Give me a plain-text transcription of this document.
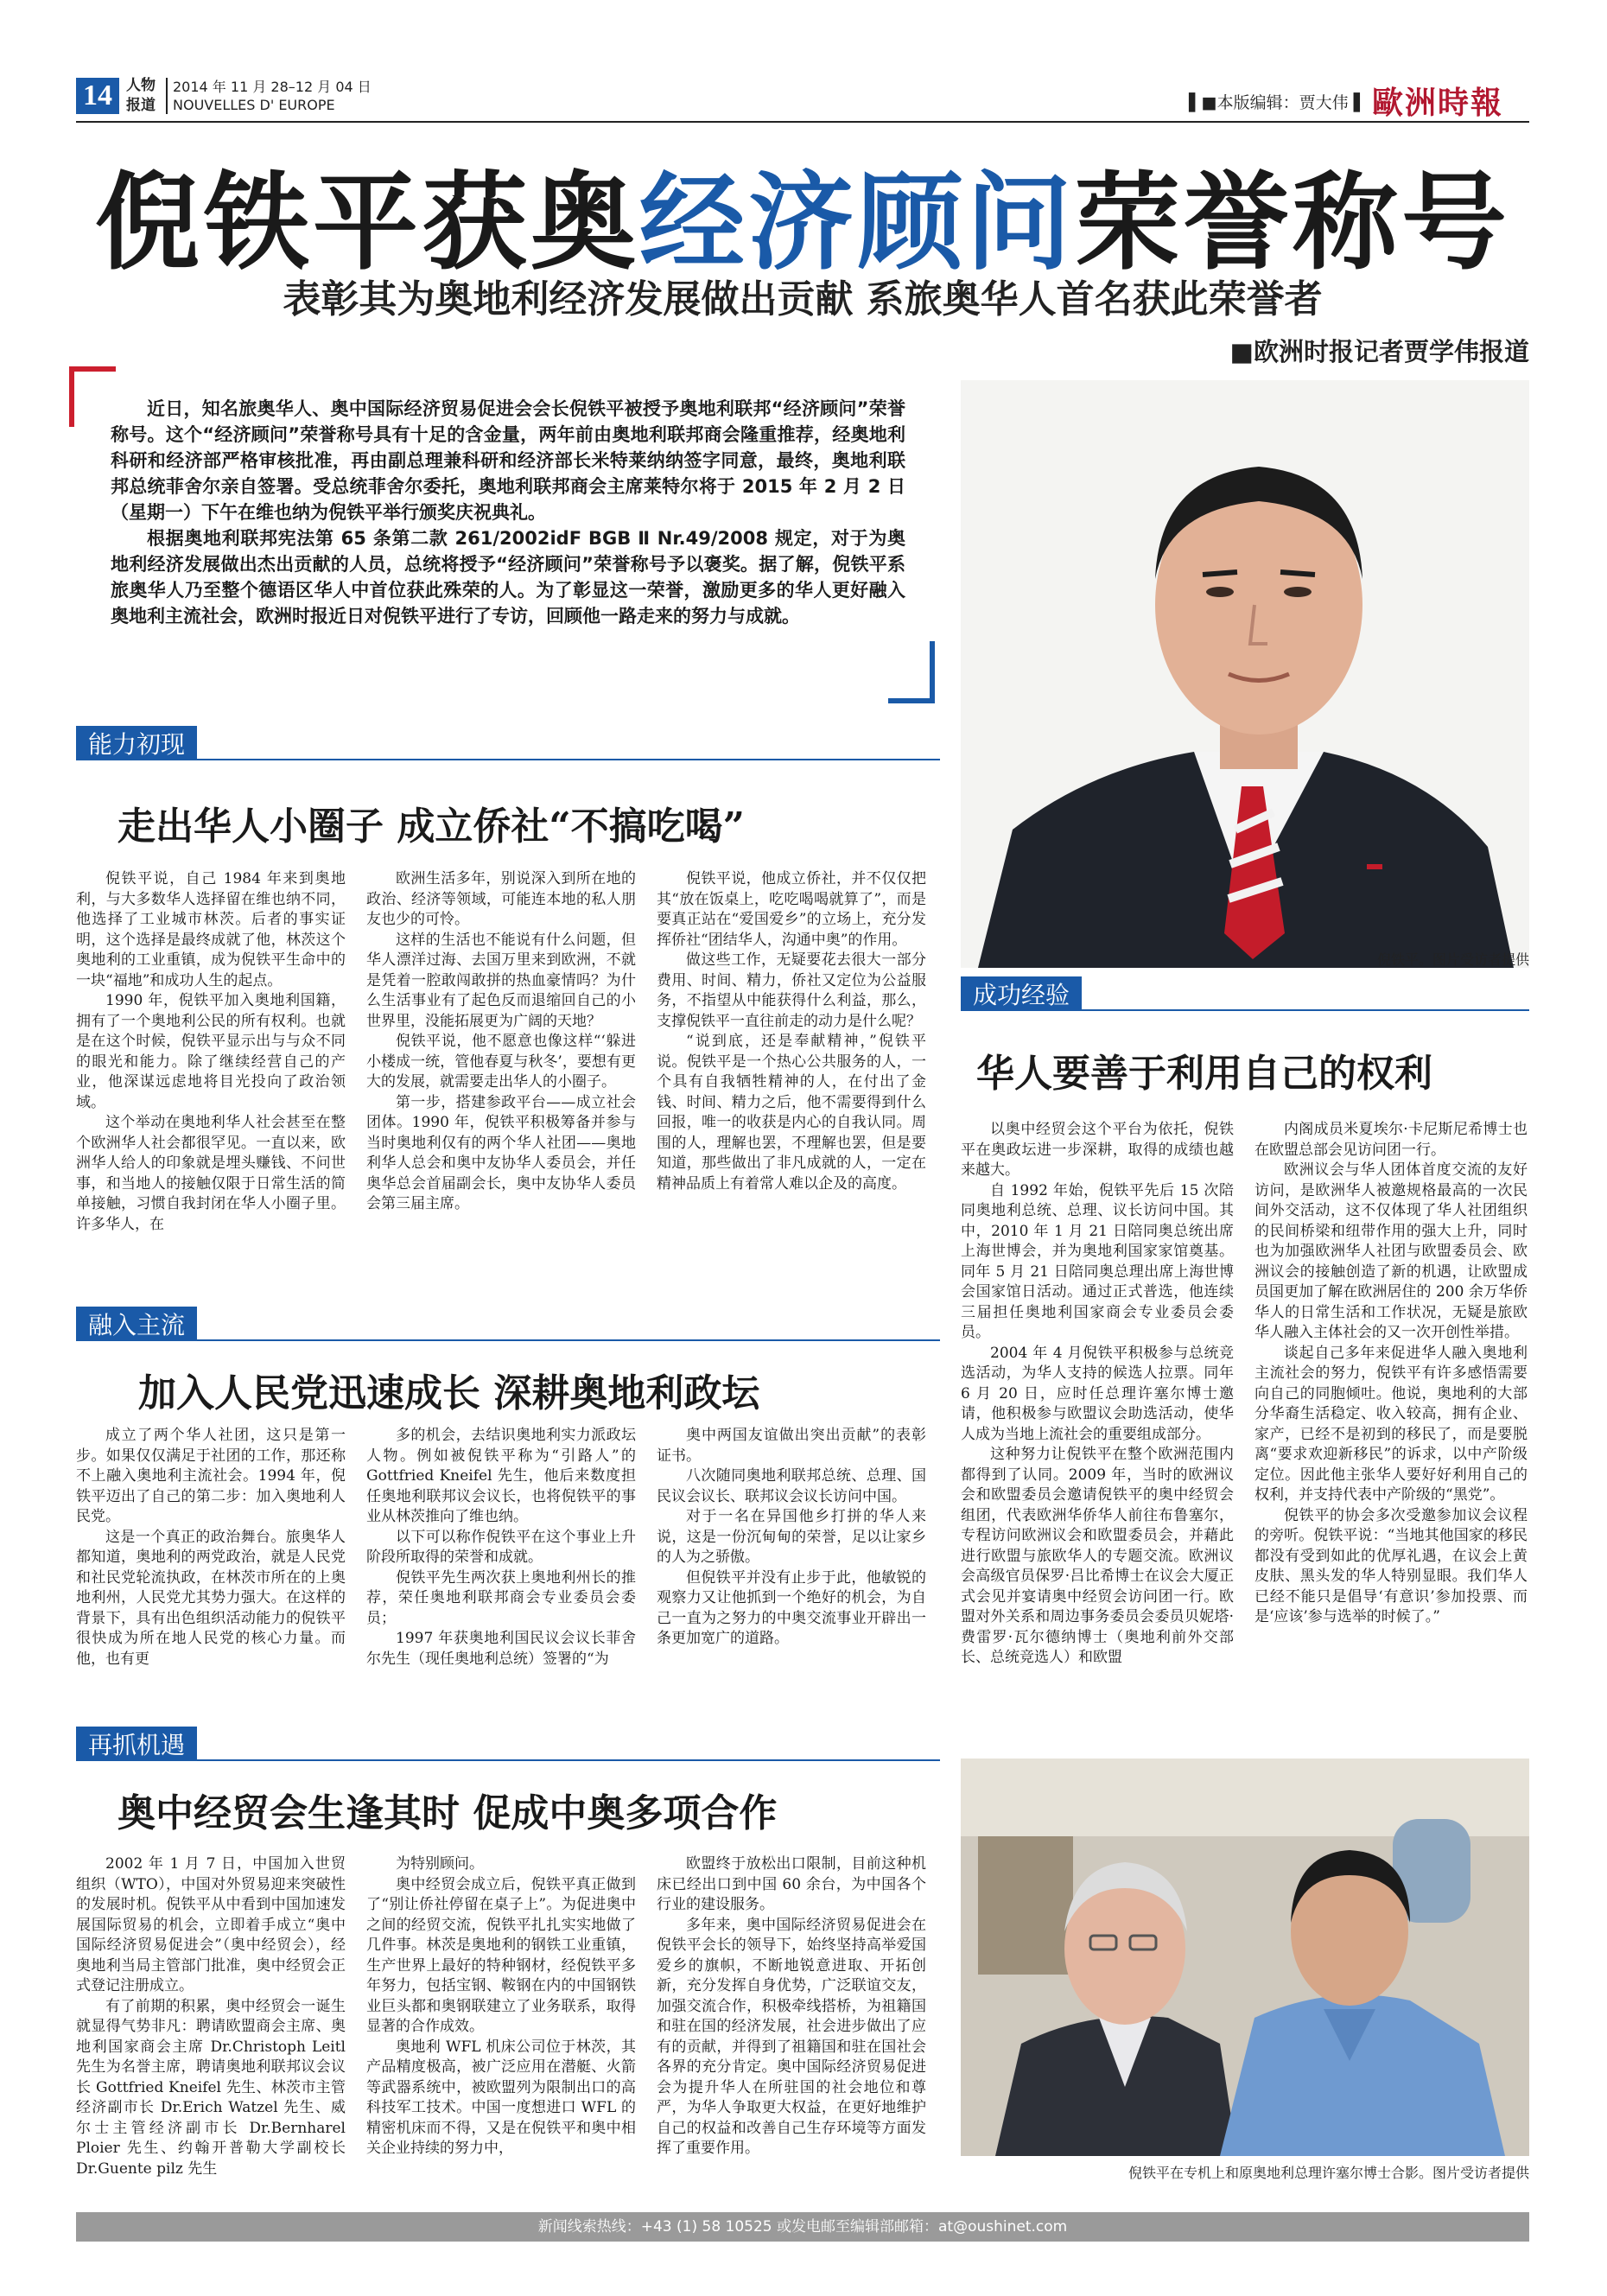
14 人物
报道
2014 年 11 月 28–12 月 04 日
NOUVELLES D' EUROPE	▌■本版编辑：贾大伟 ▌ 歐洲時報
倪铁平获奥经济顾问荣誉称号
表彰其为奥地利经济发展做出贡献 系旅奥华人首名获此荣誉者
■欧洲时报记者贾学伟报道

近日，知名旅奥华人、奥中国际经济贸易促进会会长倪铁平被授予奥地利联邦“经济顾问”荣誉称号。这个“经济顾问”荣誉称号具有十足的含金量，两年前由奥地利联邦商会隆重推荐，经奥地利科研和经济部严格审核批准，再由副总理兼科研和经济部长米特莱纳纳签字同意，最终，奥地利联邦总统菲舍尔亲自签署。受总统菲舍尔委托，奥地利联邦商会主席莱特尔将于 2015 年 2 月 2 日（星期一）下午在维也纳为倪铁平举行颁奖庆祝典礼。

根据奥地利联邦宪法第 65 条第二款 261/2002idF BGB Ⅱ Nr.49/2008 规定，对于为奥地利经济发展做出杰出贡献的人员，总统将授予“经济顾问”荣誉称号予以褒奖。据了解，倪铁平系旅奥华人乃至整个德语区华人中首位获此殊荣的人。为了彰显这一荣誉，激励更多的华人更好融入奥地利主流社会，欧洲时报近日对倪铁平进行了专访，回顾他一路走来的努力与成就。

倪铁平。图片受访者提供
能力初现
走出华人小圈子 成立侨社“不搞吃喝”

倪铁平说，自己 1984 年来到奥地利，与大多数华人选择留在维也纳不同，他选择了工业城市林茨。后者的事实证明，这个选择是最终成就了他，林茨这个奥地利的工业重镇，成为倪铁平生命中的一块“福地”和成功人生的起点。

1990 年，倪铁平加入奥地利国籍，拥有了一个奥地利公民的所有权利。也就是在这个时候，倪铁平显示出与与众不同的眼光和能力。除了继续经营自己的产业，他深谋远虑地将目光投向了政治领域。

这个举动在奥地利华人社会甚至在整个欧洲华人社会都很罕见。一直以来，欧洲华人给人的印象就是埋头赚钱、不问世事，和当地人的接触仅限于日常生活的简单接触，习惯自我封闭在华人小圈子里。许多华人，在

欧洲生活多年，别说深入到所在地的政治、经济等领域，可能连本地的私人朋友也少的可怜。

这样的生活也不能说有什么问题，但华人漂洋过海、去国万里来到欧洲，不就是凭着一腔敢闯敢拼的热血豪情吗？为什么生活事业有了起色反而退缩回自己的小世界里，没能拓展更为广阔的天地？

倪铁平说，他不愿意也像这样“‘躲进小楼成一统，管他春夏与秋冬’，要想有更大的发展，就需要走出华人的小圈子。

第一步，搭建参政平台——成立社会团体。1990 年，倪铁平积极筹备并参与当时奥地利仅有的两个华人社团——奥地利华人总会和奥中友协华人委员会，并任奥华总会首届副会长，奥中友协华人委员会第三届主席。

倪铁平说，他成立侨社，并不仅仅把其“放在饭桌上，吃吃喝喝就算了”，而是要真正站在“爱国爱乡”的立场上，充分发挥侨社“团结华人，沟通中奥”的作用。

做这些工作，无疑要花去很大一部分费用、时间、精力，侨社又定位为公益服务，不指望从中能获得什么利益，那么，支撑倪铁平一直往前走的动力是什么呢？

“说到底，还是奉献精神，”倪铁平说。倪铁平是一个热心公共服务的人，一个具有自我牺牲精神的人，在付出了金钱、时间、精力之后，他不需要得到什么回报，唯一的收获是内心的自我认同。周围的人，理解也罢，不理解也罢，但是要知道，那些做出了非凡成就的人，一定在精神品质上有着常人难以企及的高度。

成功经验
华人要善于利用自己的权利

以奥中经贸会这个平台为依托，倪铁平在奥政坛进一步深耕，取得的成绩也越来越大。

自 1992 年始，倪铁平先后 15 次陪同奥地利总统、总理、议长访问中国。其中，2010 年 1 月 21 日陪同奥总统出席上海世博会，并为奥地利国家家馆奠基。同年 5 月 21 日陪同奥总理出席上海世博会国家馆日活动。通过正式普选，他连续三届担任奥地利国家商会专业委员会委员。

2004 年 4 月倪铁平积极参与总统竞选活动，为华人支持的候选人拉票。同年 6 月 20 日，应时任总理许塞尔博士邀请，他积极参与欧盟议会助选活动，使华人成为当地上流社会的重要组成部分。

这种努力让倪铁平在整个欧洲范围内都得到了认同。2009 年，当时的欧洲议会和欧盟委员会邀请倪铁平的奥中经贸会组团，代表欧洲华侨华人前往布鲁塞尔，专程访问欧洲议会和欧盟委员会，并藉此进行欧盟与旅欧华人的专题交流。欧洲议会高级官员保罗·吕比希博士在议会大厦正式会见并宴请奥中经贸会访问团一行。欧盟对外关系和周边事务委员会委员贝妮塔·费雷罗·瓦尔德纳博士（奥地利前外交部长、总统竞选人）和欧盟

内阁成员米夏埃尔·卡尼斯尼希博士也在欧盟总部会见访问团一行。

欧洲议会与华人团体首度交流的友好访问，是欧洲华人被邀规格最高的一次民间外交活动，这不仅体现了华人社团组织的民间桥梁和纽带作用的强大上升，同时也为加强欧洲华人社团与欧盟委员会、欧洲议会的接触创造了新的机遇，让欧盟成员国更加了解在欧洲居住的 200 余万华侨华人的日常生活和工作状况，无疑是旅欧华人融入主体社会的又一次开创性举措。

谈起自己多年来促进华人融入奥地利主流社会的努力，倪铁平有许多感悟需要向自己的同胞倾吐。他说，奥地利的大部分华裔生活稳定、收入较高，拥有企业、家产，已经不是初到的移民了，而是要脱离“要求欢迎新移民”的诉求，以中产阶级定位。因此他主张华人要好好利用自己的权利，并支持代表中产阶级的“黑党”。

倪铁平的协会多次受邀参加议会议程的旁听。倪铁平说：“当地其他国家的移民都没有受到如此的优厚礼遇，在议会上黄皮肤、黑头发的华人特别显眼。我们华人已经不能只是倡导‘有意识’参加投票、而是‘应该’参与选举的时候了。”

融入主流
加入人民党迅速成长 深耕奥地利政坛

成立了两个华人社团，这只是第一步。如果仅仅满足于社团的工作，那还称不上融入奥地利主流社会。1994 年，倪铁平迈出了自己的第二步：加入奥地利人民党。

这是一个真正的政治舞台。旅奥华人都知道，奥地利的两党政治，就是人民党和社民党轮流执政，在林茨市所在的上奥地利州，人民党尤其势力强大。在这样的背景下，具有出色组织活动能力的倪铁平很快成为所在地人民党的核心力量。而他，也有更

多的机会，去结识奥地利实力派政坛人物。例如被倪铁平称为“引路人”的 Gottfried Kneifel 先生，他后来数度担任奥地利联邦议会议长，也将倪铁平的事业从林茨推向了维也纳。

以下可以称作倪铁平在这个事业上升阶段所取得的荣誉和成就。

倪铁平先生两次获上奥地利州长的推荐，荣任奥地利联邦商会专业委员会委员；

1997 年获奥地利国民议会议长菲舍尔先生（现任奥地利总统）签署的“为

奥中两国友谊做出突出贡献”的表彰证书。

八次随同奥地利联邦总统、总理、国民议会议长、联邦议会议长访问中国。

对于一名在异国他乡打拼的华人来说，这是一份沉甸甸的荣誉，足以让家乡的人为之骄傲。

但倪铁平并没有止步于此，他敏锐的观察力又让他抓到一个绝好的机会，为自己一直为之努力的中奥交流事业开辟出一条更加宽广的道路。

再抓机遇
奥中经贸会生逢其时 促成中奥多项合作

2002 年 1 月 7 日，中国加入世贸组织（WTO），中国对外贸易迎来突破性的发展时机。倪铁平从中看到中国加速发展国际贸易的机会，立即着手成立“奥中国际经济贸易促进会”（奥中经贸会），经奥地利当局主管部门批准，奥中经贸会正式登记注册成立。

有了前期的积累，奥中经贸会一诞生就显得气势非凡：聘请欧盟商会主席、奥地利国家商会主席 Dr.Christoph Leitl 先生为名誉主席，聘请奥地利联邦议会议长 Gottfried Kneifel 先生、林茨市主管经济副市长 Dr.Erich Watzel 先生、威尔士主管经济副市长 Dr.Bernharel Ploier 先生、约翰开普勒大学副校长 Dr.Guente pilz 先生

为特别顾问。

奥中经贸会成立后，倪铁平真正做到了“别让侨社停留在桌子上”。为促进奥中之间的经贸交流，倪铁平扎扎实实地做了几件事。林茨是奥地利的钢铁工业重镇，生产世界上最好的特种钢材，经倪铁平多年努力，包括宝钢、鞍钢在内的中国钢铁业巨头都和奥钢联建立了业务联系，取得显著的合作成效。

奥地利 WFL 机床公司位于林茨，其产品精度极高，被广泛应用在潜艇、火箭等武器系统中，被欧盟列为限制出口的高科技军工技术。中国一度想进口 WFL 的精密机床而不得，又是在倪铁平和奥中相关企业持续的努力中，

欧盟终于放松出口限制，目前这种机床已经出口到中国 60 余台，为中国各个行业的建设服务。

多年来，奥中国际经济贸易促进会在倪铁平会长的领导下，始终坚持高举爱国爱乡的旗帜，不断地锐意进取、开拓创新，充分发挥自身优势，广泛联谊交友，加强交流合作，积极牵线搭桥，为祖籍国和驻在国的经济发展，社会进步做出了应有的贡献，并得到了祖籍国和驻在国社会各界的充分肯定。奥中国际经济贸易促进会为提升华人在所驻国的社会地位和尊严，为华人争取更大权益，在更好地维护自己的权益和改善自己生存环境等方面发挥了重要作用。

倪铁平在专机上和原奥地利总理许塞尔博士合影。图片受访者提供
新闻线索热线：+43 (1) 58 10525 或发电邮至编辑部邮箱：at@oushinet.com
